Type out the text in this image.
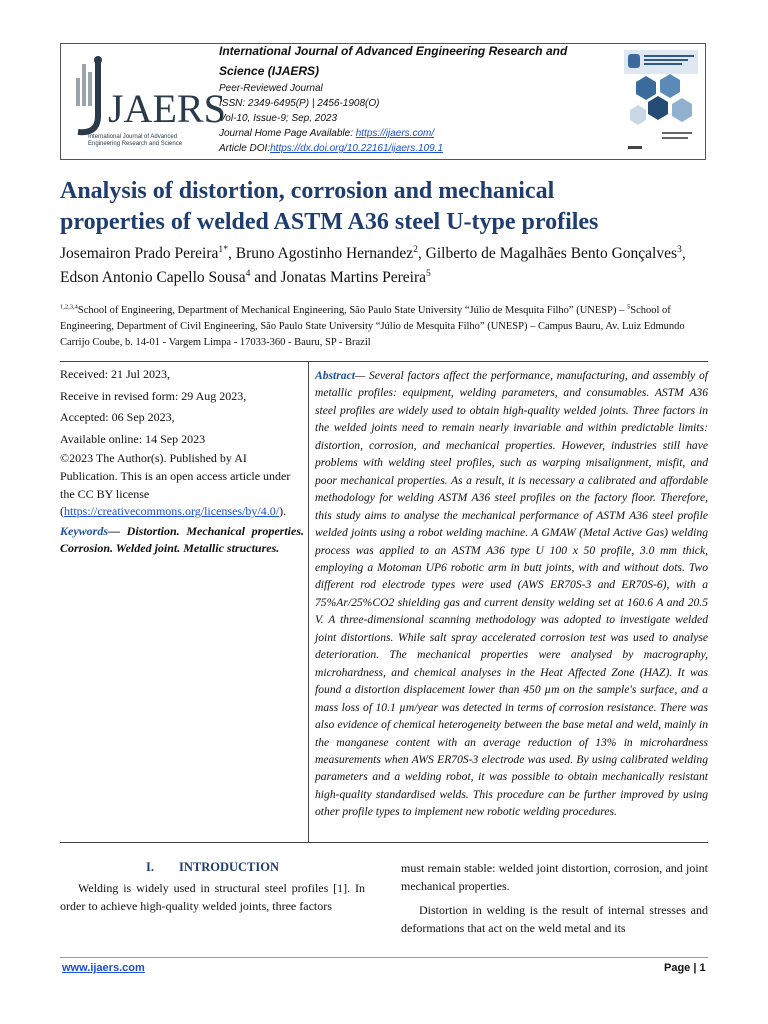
JAERS
International Journal of Advanced
Engineering Research and Science
International Journal of Advanced Engineering Research and
Science (IJAERS)
Peer-Reviewed Journal
ISSN: 2349-6495(P) | 2456-1908(O)
Vol-10, Issue-9; Sep, 2023
Journal Home Page Available: https://ijaers.com/
Article DOI:https://dx.doi.org/10.22161/ijaers.109.1
Analysis of distortion, corrosion and mechanical
properties of welded ASTM A36 steel U-type profiles
Josemairon Prado Pereira$^{1*}$, Bruno Agostinho Hernandez$^2$, Gilberto de Magalhães Bento Gonçalves$^3$, Edson Antonio Capello Sousa$^4$ and Jonatas Martins Pereira$^5$
$^{1,2,3,4}$School of Engineering, Department of Mechanical Engineering, São Paulo State University “Júlio de Mesquita Filho” (UNESP) – $^5$School of Engineering, Department of Civil Engineering, São Paulo State University “Júlio de Mesquita Filho” (UNESP) – Campus Bauru, Av. Luiz Edmundo Carrijo Coube, b. 14-01 - Vargem Limpa - 17033-360 - Bauru, SP - Brazil

Received: 21 Jul 2023,

Receive in revised form: 29 Aug 2023,

Accepted: 06 Sep 2023,

Available online: 14 Sep 2023

©2023 The Author(s). Published by AI Publication. This is an open access article under the CC BY license (https://creativecommons.org/licenses/by/4.0/).

Keywords— Distortion. Mechanical properties. Corrosion. Welded joint. Metallic structures.

Abstract— Several factors affect the performance, manufacturing, and assembly of metallic profiles: equipment, welding parameters, and consumables. ASTM A36 steel profiles are widely used to obtain high-quality welded joints. Three factors in the welded joints need to remain nearly invariable and within predictable limits: distortion, corrosion, and mechanical properties. However, industries still have problems with welding steel profiles, such as warping misalignment, misfit, and poor mechanical properties. As a result, it is necessary a calibrated and affordable methodology for welding ASTM A36 steel profiles on the factory floor. Therefore, this study aims to analyse the mechanical performance of ASTM A36 steel profile welded joints using a robot welding machine. A GMAW (Metal Active Gas) welding process was applied to an ASTM A36 type U 100 x 50 profile, 3.0 mm thick, employing a Motoman UP6 robotic arm in butt joints, with and without dots. Two different rod electrode types were used (AWS ER70S-3 and ER70S-6), with a 75%Ar/25%CO2 shielding gas and current density welding set at 160.6 A and 20.5 V. A three-dimensional scanning methodology was adopted to investigate welded joint distortions. While salt spray accelerated corrosion test was used to analyse deterioration. The mechanical properties were analysed by macrography, microhardness, and chemical analyses in the Heat Affected Zone (HAZ). It was found a distortion displacement lower than 450 µm on the sample's surface, and a mass loss of 10.1 µm/year was detected in terms of corrosion resistance. There was also evidence of chemical heterogeneity between the base metal and weld, mainly in the manganese content with an average reduction of 13% in microhardness measurements when AWS ER70S-3 electrode was used. By using calibrated welding parameters and a welding robot, it was possible to obtain mechanically resistant high-quality standardised welds. This procedure can be further improved by using other profile types to implement new robotic welding procedures.
I.        INTRODUCTION

Welding is widely used in structural steel profiles [1]. In order to achieve high-quality welded joints, three factors

must remain stable: welded joint distortion, corrosion, and joint mechanical properties.

Distortion in welding is the result of internal stresses and deformations that act on the weld metal and its

www.ijaers.com	Page | 1
